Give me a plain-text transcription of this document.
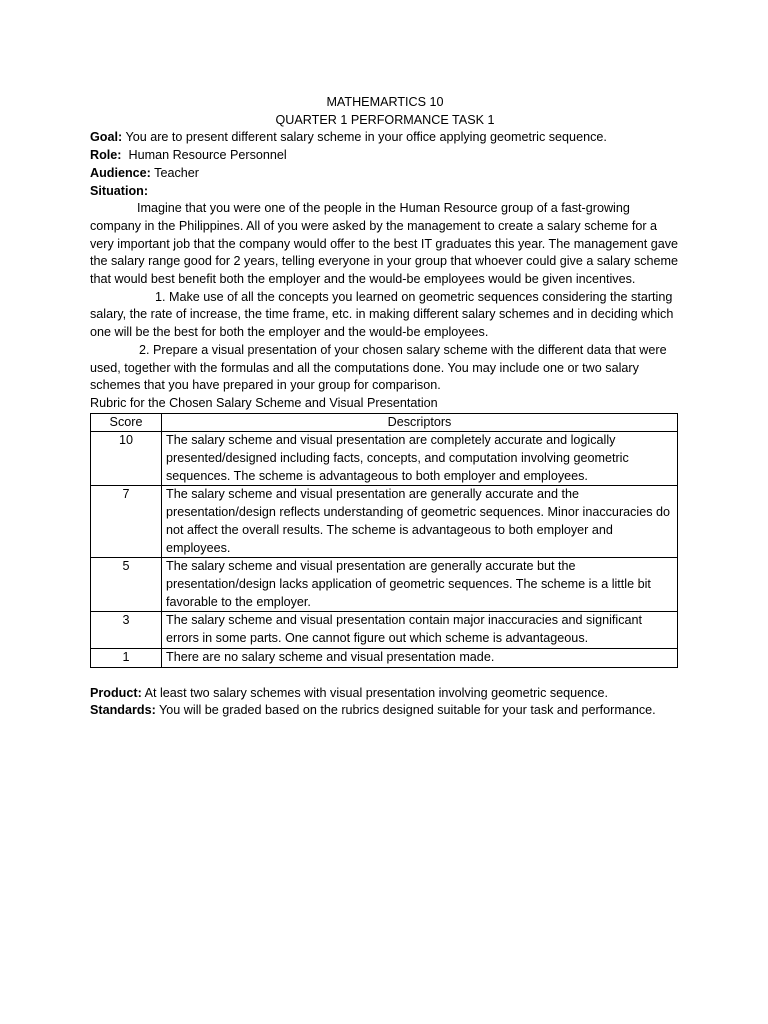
MATHEMARTICS 10

QUARTER 1 PERFORMANCE TASK 1

Goal: You are to present different salary scheme in your office applying geometric sequence.

Role:  Human Resource Personnel

Audience: Teacher

Situation:

Imagine that you were one of the people in the Human Resource group of a fast-growing company in the Philippines. All of you were asked by the management to create a salary scheme for a very important job that the company would offer to the best IT graduates this year. The management gave the salary range good for 2 years, telling everyone in your group that whoever could give a salary scheme that would best benefit both the employer and the would-be employees would be given incentives.

1. Make use of all the concepts you learned on geometric sequences considering the starting salary, the rate of increase, the time frame, etc. in making different salary schemes and in deciding which one will be the best for both the employer and the would-be employees.

2. Prepare a visual presentation of your chosen salary scheme with the different data that were used, together with the formulas and all the computations done. You may include one or two salary schemes that you have prepared in your group for comparison.

Rubric for the Chosen Salary Scheme and Visual Presentation

Score	Descriptors
10	The salary scheme and visual presentation are completely accurate and logically presented/designed including facts, concepts, and computation involving geometric sequences. The scheme is advantageous to both employer and employees.
7	The salary scheme and visual presentation are generally accurate and the presentation/design reflects understanding of geometric sequences. Minor inaccuracies do not affect the overall results. The scheme is advantageous to both employer and employees.
5	The salary scheme and visual presentation are generally accurate but the presentation/design lacks application of geometric sequences. The scheme is a little bit favorable to the employer.
3	The salary scheme and visual presentation contain major inaccuracies and significant errors in some parts. One cannot figure out which scheme is advantageous.
1	There are no salary scheme and visual presentation made.

Product: At least two salary schemes with visual presentation involving geometric sequence.

Standards: You will be graded based on the rubrics designed suitable for your task and performance.
